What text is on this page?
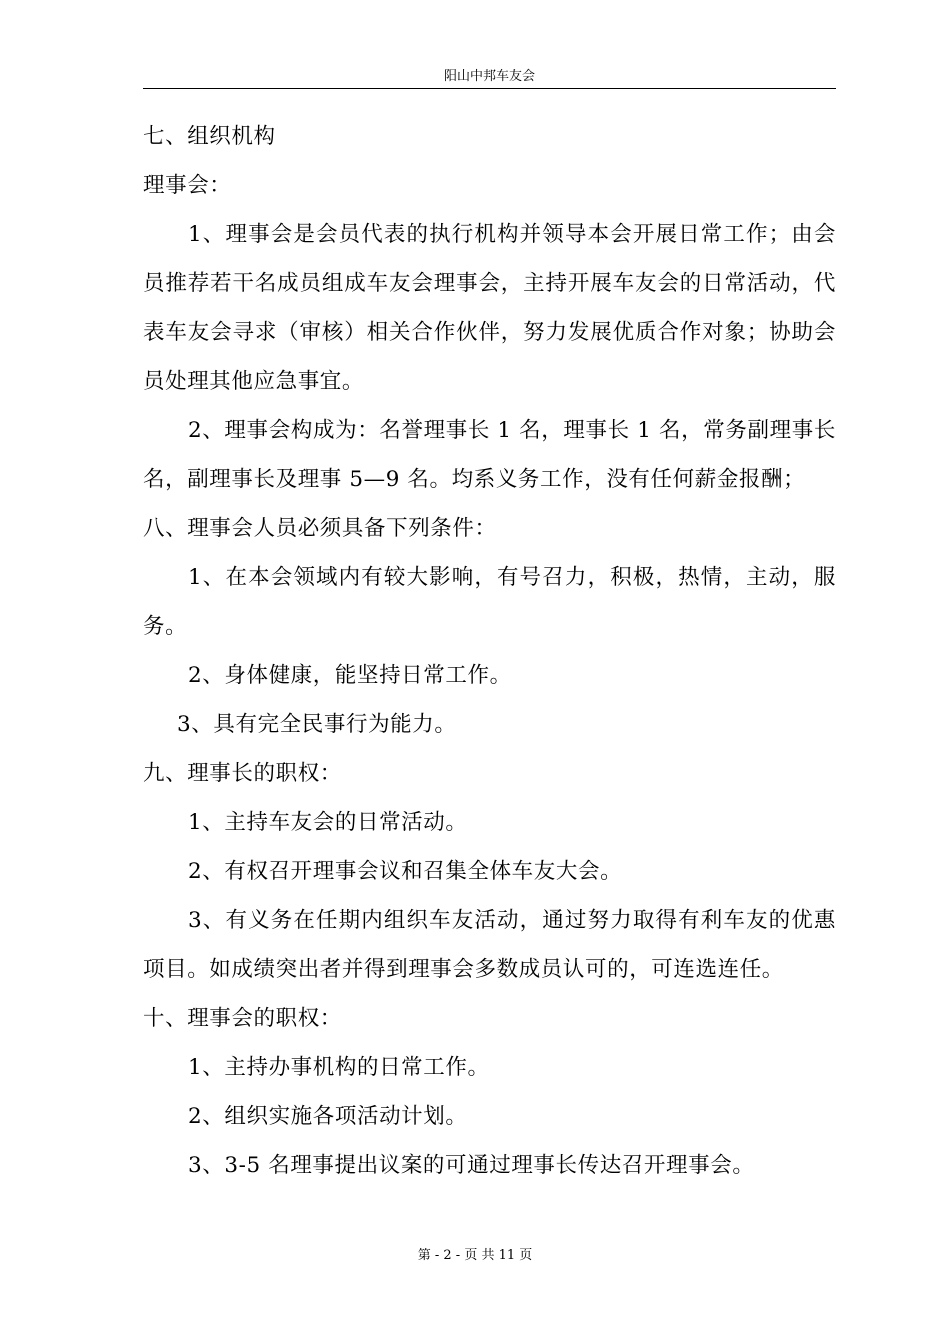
阳山中邦车友会
七、组织机构
理事会：
1、理事会是会员代表的执行机构并领导本会开展日常工作；由会
员推荐若干名成员组成车友会理事会，主持开展车友会的日常活动，代
表车友会寻求（审核）相关合作伙伴，努力发展优质合作对象；协助会
员处理其他应急事宜。
2、理事会构成为：名誉理事长 1 名，理事长 1 名，常务副理事长
名，副理事长及理事 5—9 名。均系义务工作，没有任何薪金报酬；
八、理事会人员必须具备下列条件：
1、在本会领域内有较大影响，有号召力，积极，热情，主动，服
务。
2、身体健康，能坚持日常工作。
3、具有完全民事行为能力。
九、理事长的职权：
1、主持车友会的日常活动。
2、有权召开理事会议和召集全体车友大会。
3、有义务在任期内组织车友活动，通过努力取得有利车友的优惠
项目。如成绩突出者并得到理事会多数成员认可的，可连选连任。
十、理事会的职权：
1、主持办事机构的日常工作。
2、组织实施各项活动计划。
3、3-5 名理事提出议案的可通过理事长传达召开理事会。
第 - 2 - 页 共 11 页
